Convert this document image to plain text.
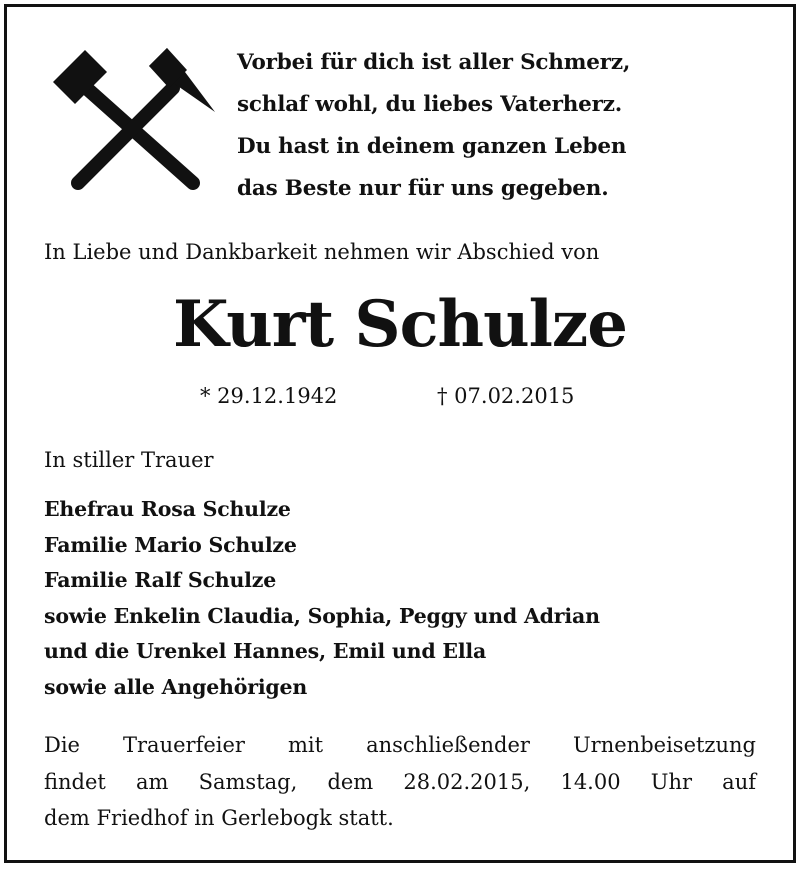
Vorbei für dich ist aller Schmerz,
schlaf wohl, du liebes Vaterherz.
Du hast in deinem ganzen Leben
das Beste nur für uns gegeben.
In Liebe und Dankbarkeit nehmen wir Abschied von
Kurt Schulze
* 29.12.1942	† 07.02.2015
In stiller Trauer
Ehefrau Rosa Schulze
Familie Mario Schulze
Familie Ralf Schulze
sowie Enkelin Claudia, Sophia, Peggy und Adrian
und die Urenkel Hannes, Emil und Ella
sowie alle Angehörigen
Die Trauerfeier mit anschließender Urnenbeisetzung
findet am Samstag, dem 28.02.2015, 14.00 Uhr auf
dem Friedhof in Gerlebogk statt.
